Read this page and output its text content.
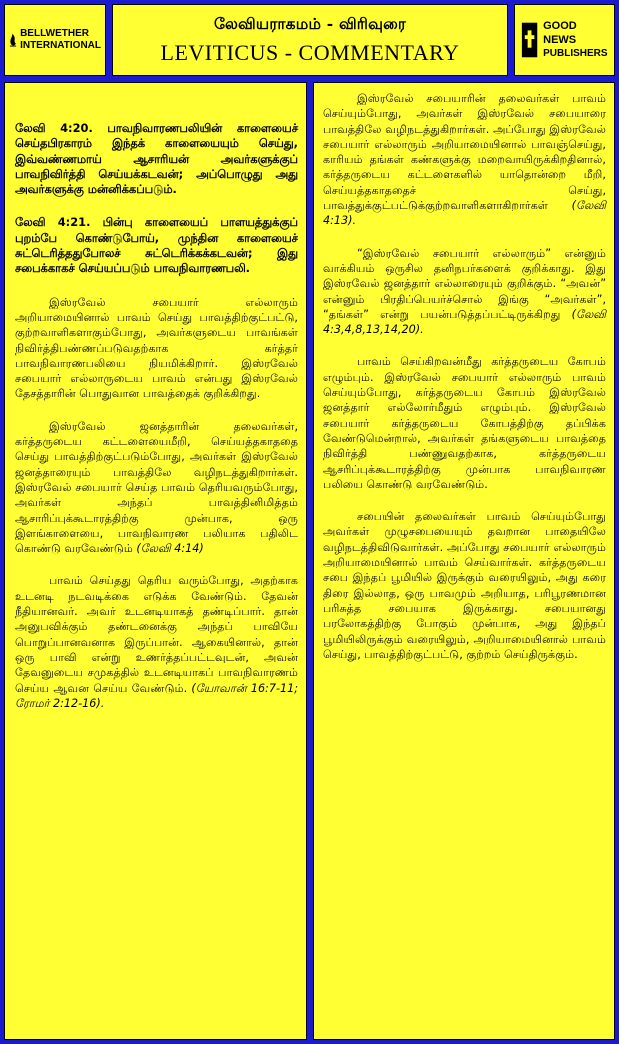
BELLWETHER
INTERNATIONAL
லேவியராகமம் - விரிவுரை
LEVITICUS - COMMENTARY
GOOD NEWS
PUBLISHERS

லேவி 4:20. பாவநிவாரணபலியின் காளையைச் செய்தபிரகாரம் இந்தக் காளையையும் செய்து, இவ்வண்ணமாய் ஆசாரியன் அவர்களுக்குப் பாவநிவிர்த்தி செய்யக்கடவன்; அப்பொழுது அது அவர்களுக்கு மன்னிக்கப்படும்.

லேவி 4:21. பின்பு காளையைப் பாளயத்துக்குப் புறம்பே கொண்டுபோய், முந்தின காளையைச் சுட்டெரித்ததுபோலச் சுட்டெரிக்கக்கடவன்; இது சபைக்காகச் செய்யப்படும் பாவநிவாரணபலி.

இஸ்ரவேல் சபையார் எல்லாரும் அறியாமையினால் பாவம் செய்து பாவத்திற்குட்பட்டு, குற்றவாளிகளாகும்போது, அவர்களுடைய பாவங்கள் நிவிர்த்திபண்ணப்படுவதற்காக கர்த்தர் பாவநிவாரணபலியை நியமிக்கிறார். இஸ்ரவேல் சபையார் எல்லாருடைய பாவம் என்பது இஸ்ரவேல் தேசத்தாரின் பொதுவான பாவத்தைக் குறிக்கிறது.

இஸ்ரவேல் ஜனத்தாரின் தலைவர்கள், கர்த்தருடைய கட்டளையைமீறி, செய்யத்தகாததை செய்து பாவத்திற்குட்படும்போது, அவர்கள் இஸ்ரவேல் ஜனத்தாரையும் பாவத்திலே வழிநடத்துகிறார்கள். இஸ்ரவேல் சபையார் செய்த பாவம் தெரியவரும்போது, அவர்கள் அந்தப் பாவத்தினிமித்தம் ஆசாரிப்புக்கூடாரத்திற்கு முன்பாக, ஒரு இளங்காளையை, பாவநிவாரண பலியாக பதிலிட கொண்டு வரவேண்டும் (லேவி 4:14)

பாவம் செய்தது தெரிய வரும்போது, அதற்காக உடனடி நடவடிக்கை எடுக்க வேண்டும். தேவன் நீதியானவர். அவர் உடனடியாகத் தண்டிப்பார். தான் அனுபவிக்கும் தண்டனைக்கு அந்தப் பாவியே பொறுப்பானவனாக இருப்பான். ஆகையினால், தான் ஒரு பாவி என்று உணர்த்தப்பட்டவுடன், அவன் தேவனுடைய சமுகத்தில் உடனடியாகப் பாவநிவாரணம் செய்ய ஆவன செய்ய வேண்டும். (யோவான் 16:7-11; ரோமர் 2:12-16).

இஸ்ரவேல் சபையாரின் தலைவர்கள் பாவம் செய்யும்போது, அவர்கள் இஸ்ரவேல் சபையாரை பாவத்திலே வழிநடத்துகிறார்கள். அப்போது இஸ்ரவேல் சபையார் எல்லாரும் அறியாமையினால் பாவஞ்செய்து, காரியம் தங்கள் கண்களுக்கு மறைவாயிருக்கிறதினால், கர்த்தருடைய கட்டளைகளில் யாதொன்றை மீறி, செய்யத்தகாததைச் செய்து, பாவத்துக்குட்பட்டுக்குற்றவாளிகளாகிறார்கள் (லேவி 4:13).

“இஸ்ரவேல் சபையார் எல்லாரும்” என்னும் வாக்கியம் ஒருசில தனிநபர்களைக் குறிக்காது. இது இஸ்ரவேல் ஜனத்தார் எல்லாரையும் குறிக்கும். “அவன்” என்னும் பிரதிப்பெயர்ச்சொல் இங்கு “அவர்கள்”, “தங்கள்” என்று பயன்படுத்தப்பட்டிருக்கிறது (லேவி 4:3,4,8,13,14,20).

பாவம் செய்கிறவன்மீது கர்த்தருடைய கோபம் எழும்பும். இஸ்ரவேல் சபையார் எல்லாரும் பாவம் செய்யும்போது, கர்த்தருடைய கோபம் இஸ்ரவேல் ஜனத்தார் எல்லோர்மீதும் எழும்பும். இஸ்ரவேல் சபையார் கர்த்தருடைய கோபத்திற்கு தப்பிக்க வேண்டுமென்றால், அவர்கள் தங்களுடைய பாவத்தை நிவிர்த்தி பண்ணுவதற்காக, கர்த்தருடைய ஆசரிப்புக்கூடாரத்திற்கு முன்பாக பாவநிவாரண பலியை கொண்டு வரவேண்டும்.

சபையின் தலைவர்கள் பாவம் செய்யும்போது அவர்கள் முழுசபையையும் தவறான பாதையிலே வழிநடத்திவிடுவார்கள். அப்போது சபையார் எல்லாரும் அறியாமையினால் பாவம் செய்வார்கள். கர்த்தருடைய சபை இந்தப் பூமியில் இருக்கும் வரையிலும், அது கரை திரை இல்லாத, ஒரு பாவமும் அறியாத, பரிபூரணமான பரிசுத்த சபையாக இருக்காது. சபையானது பரலோகத்திற்கு போகும் முன்பாக, அது இந்தப் பூமியிலிருக்கும் வரையிலும், அறியாமையினால் பாவம் செய்து, பாவத்திற்குட்பட்டு, குற்றம் செய்திருக்கும்.
